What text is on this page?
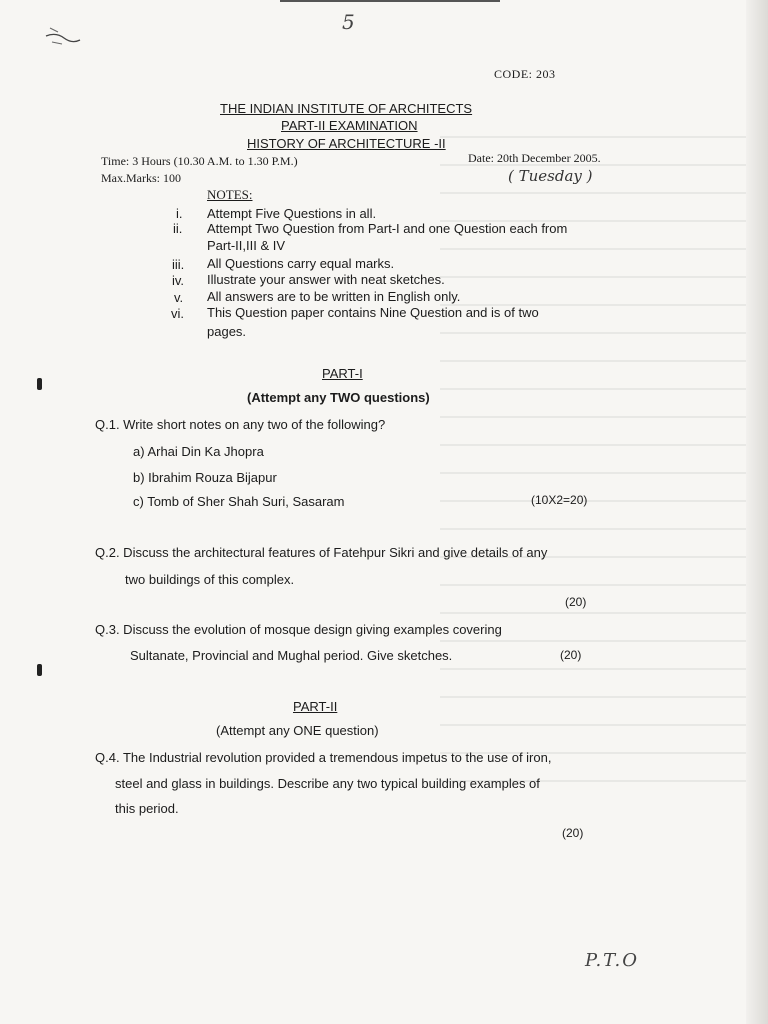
5
CODE: 203
THE INDIAN INSTITUTE OF ARCHITECTS
PART-II EXAMINATION
HISTORY OF ARCHITECTURE -II
Time: 3 Hours (10.30 A.M. to 1.30 P.M.)
Max.Marks: 100
Date: 20th December 2005.
( Tuesday )
NOTES:
i. Attempt Five Questions in all.
ii. Attempt Two Question from Part-I and one Question each from
Part-II,III & IV
iii. All Questions carry equal marks.
iv. Illustrate your answer with neat sketches.
v. All answers are to be written in English only.
vi. This Question paper contains Nine Question and is of two
pages.
PART-I
(Attempt any TWO questions)
Q.1. Write short notes on any two of the following?
a) Arhai Din Ka Jhopra
b) Ibrahim Rouza Bijapur
c) Tomb of Sher Shah Suri, Sasaram	(10X2=20)
Q.2. Discuss the architectural features of Fatehpur Sikri and give details of any
two buildings of this complex.
(20)
Q.3. Discuss the evolution of mosque design giving examples covering
Sultanate, Provincial and Mughal period. Give sketches.	(20)
PART-II
(Attempt any ONE question)
Q.4. The Industrial revolution provided a tremendous impetus to the use of iron,
steel and glass in buildings. Describe any two typical building examples of
this period.
(20)
P.T.O
